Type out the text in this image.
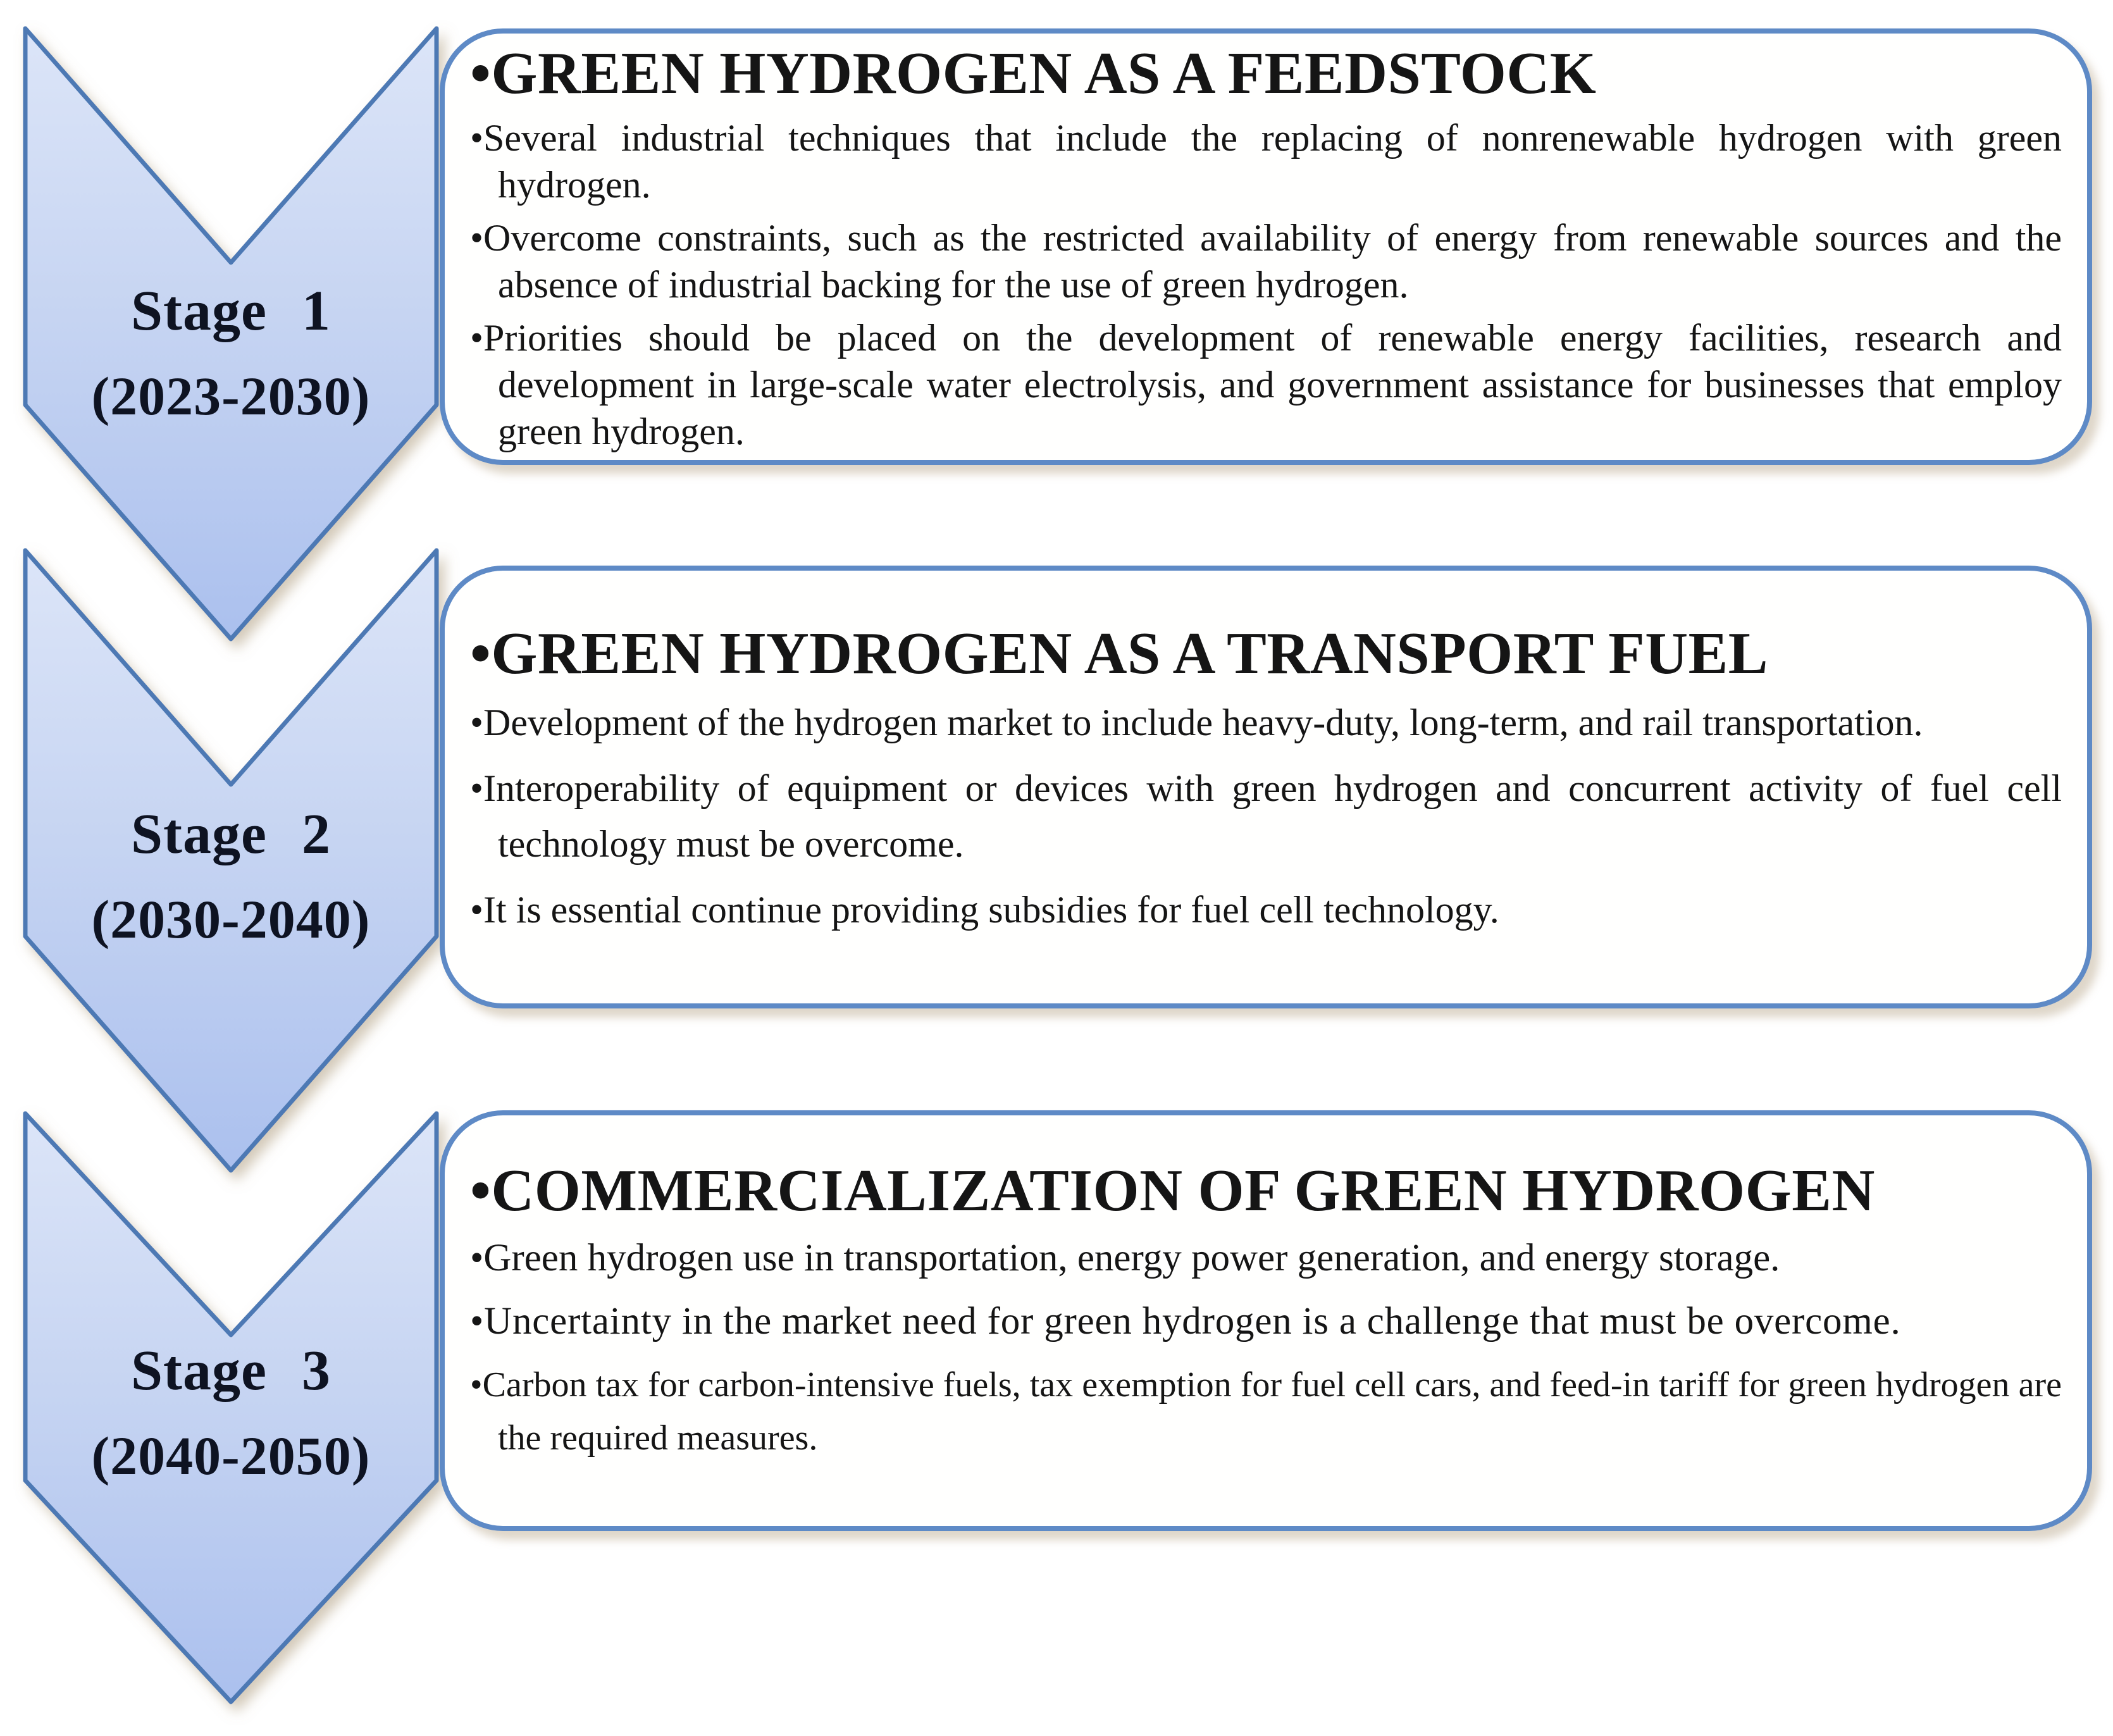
Stage 1
(2023-2030)
Stage 2
(2030-2040)
Stage 3
(2040-2050)
• GREEN HYDROGEN AS A FEEDSTOCK
• Several industrial techniques that include the replacing of nonrenewable hydrogen with green hydrogen.
• Overcome constraints, such as the restricted availability of energy from renewable sources and the absence of industrial backing for the use of green hydrogen.
• Priorities should be placed on the development of renewable energy facilities, research and development in large-scale water electrolysis, and government assistance for businesses that employ green hydrogen.
• GREEN HYDROGEN AS A TRANSPORT FUEL
• Development of the hydrogen market to include heavy-duty, long-term, and rail transportation.
• Interoperability of equipment or devices with green hydrogen and concurrent activity of fuel cell technology must be overcome.
• It is essential continue providing subsidies for fuel cell technology.
• COMMERCIALIZATION OF GREEN HYDROGEN
• Green hydrogen use in transportation, energy power generation, and energy storage.
• Uncertainty in the market need for green hydrogen is a challenge that must be overcome.
• Carbon tax for carbon-intensive fuels, tax exemption for fuel cell cars, and feed-in tariff for green hydrogen are the required measures.
